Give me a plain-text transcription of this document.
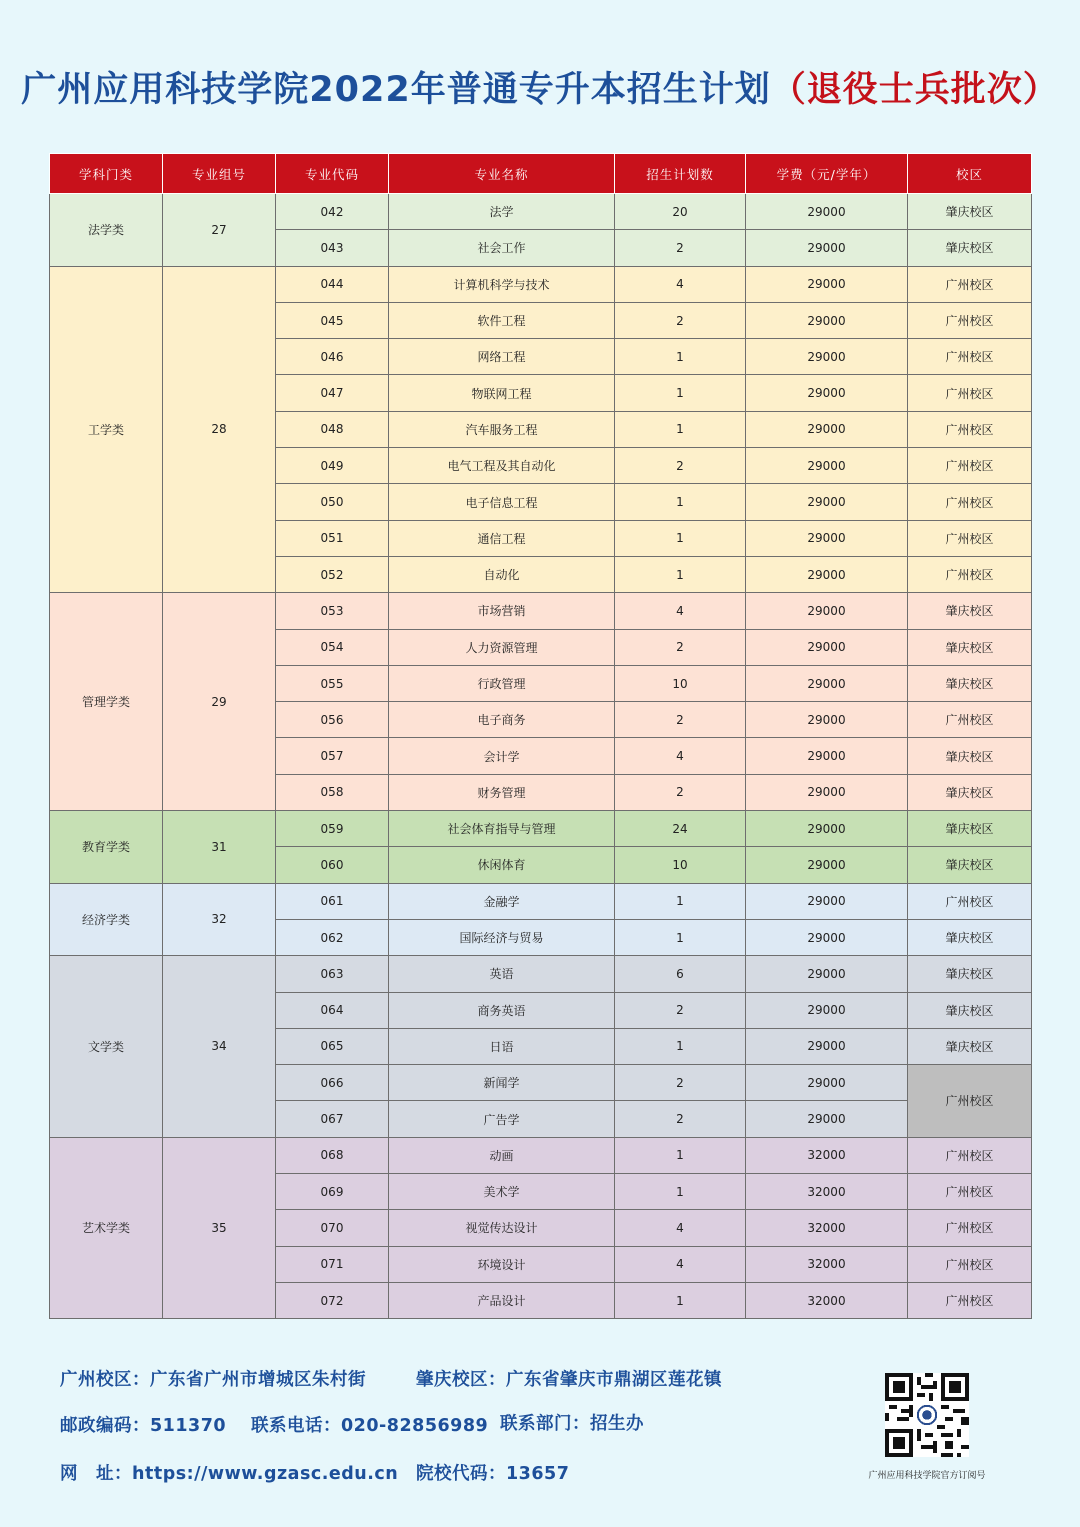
广州应用科技学院2022年普通专升本招生计划（退役士兵批次）
学科门类	专业组号	专业代码	专业名称	招生计划数	学费（元/学年）	校区
法学类	27	042	法学	20	29000	肇庆校区
		043	社会工作	2	29000	肇庆校区
工学类	28	044	计算机科学与技术	4	29000	广州校区
		045	软件工程	2	29000	广州校区
		046	网络工程	1	29000	广州校区
		047	物联网工程	1	29000	广州校区
		048	汽车服务工程	1	29000	广州校区
		049	电气工程及其自动化	2	29000	广州校区
		050	电子信息工程	1	29000	广州校区
		051	通信工程	1	29000	广州校区
		052	自动化	1	29000	广州校区
管理学类	29	053	市场营销	4	29000	肇庆校区
		054	人力资源管理	2	29000	肇庆校区
		055	行政管理	10	29000	肇庆校区
		056	电子商务	2	29000	广州校区
		057	会计学	4	29000	肇庆校区
		058	财务管理	2	29000	肇庆校区
教育学类	31	059	社会体育指导与管理	24	29000	肇庆校区
		060	休闲体育	10	29000	肇庆校区
经济学类	32	061	金融学	1	29000	广州校区
		062	国际经济与贸易	1	29000	肇庆校区
文学类	34	063	英语	6	29000	肇庆校区
		064	商务英语	2	29000	肇庆校区
		065	日语	1	29000	肇庆校区
		066	新闻学	2	29000	广州校区
		067	广告学	2	29000	
艺术学类	35	068	动画	1	32000	广州校区
		069	美术学	1	32000	广州校区
		070	视觉传达设计	4	32000	广州校区
		071	环境设计	4	32000	广州校区
		072	产品设计	1	32000	广州校区
广州校区：广东省广州市增城区朱村街	肇庆校区：广东省肇庆市鼎湖区莲花镇
邮政编码：511370 联系电话：020-82856989 联系部门：招生办
网　址：https://www.gzasc.edu.cn 院校代码：13657	广州应用科技学院官方订阅号
